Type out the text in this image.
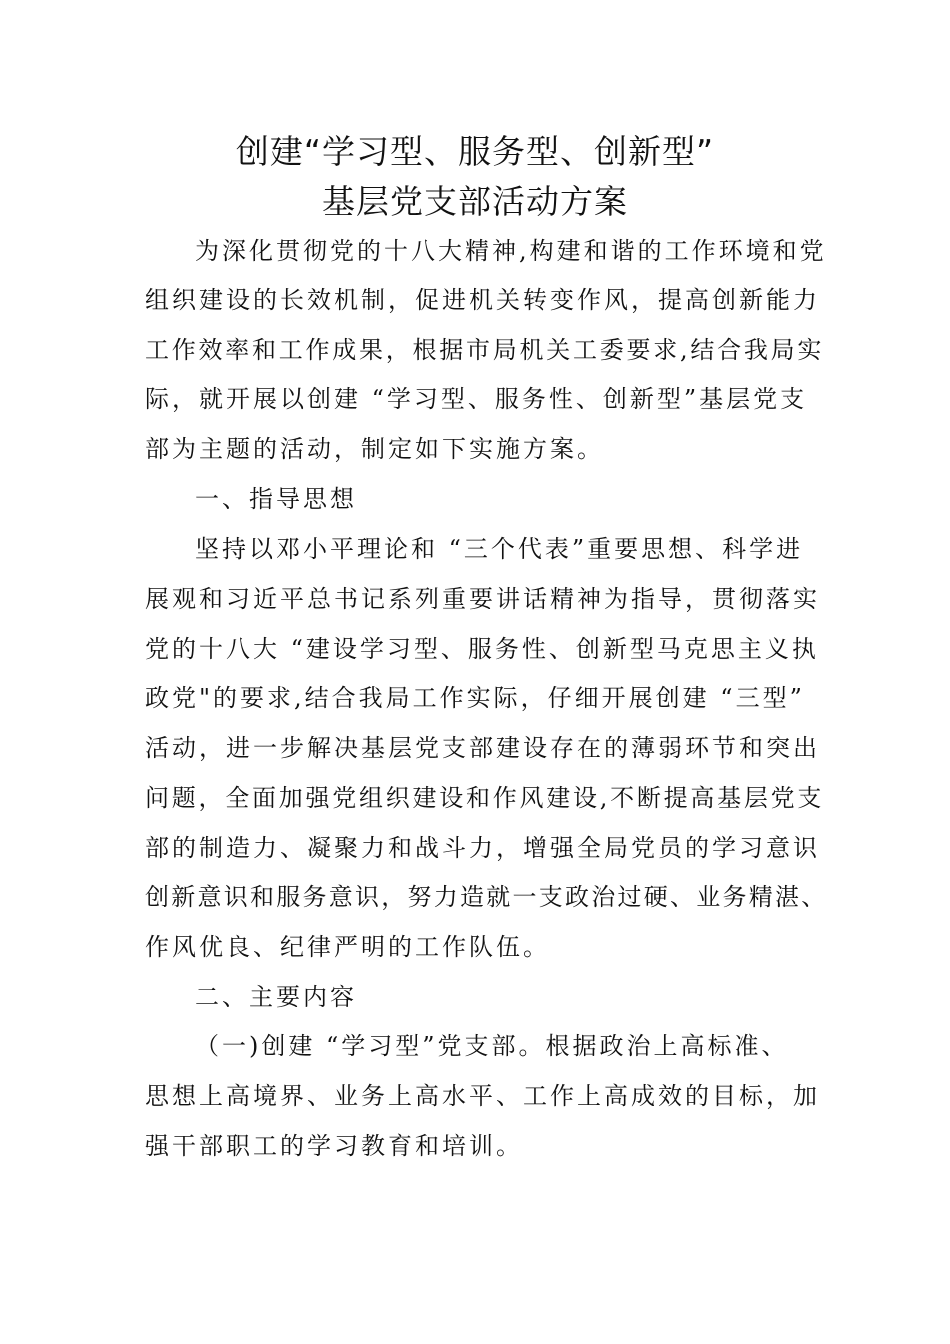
创建“学习型、服务型、创新型”
基层党支部活动方案
为深化贯彻党的十八大精神,构建和谐的工作环境和党
组织建设的长效机制，促进机关转变作风，提高创新能力
工作效率和工作成果，根据市局机关工委要求,结合我局实
际，就开展以创建 “学习型、服务性、创新型”基层党支
部为主题的活动，制定如下实施方案。
一、指导思想
坚持以邓小平理论和 “三个代表”重要思想、科学进
展观和习近平总书记系列重要讲话精神为指导，贯彻落实
党的十八大 “建设学习型、服务性、创新型马克思主义执
政党"的要求,结合我局工作实际，仔细开展创建 “三型”
活动，进一步解决基层党支部建设存在的薄弱环节和突出
问题，全面加强党组织建设和作风建设,不断提高基层党支
部的制造力、凝聚力和战斗力，增强全局党员的学习意识
创新意识和服务意识，努力造就一支政治过硬、业务精湛、
作风优良、纪律严明的工作队伍。
二、主要内容
（一)创建 “学习型”党支部。根据政治上高标准、
思想上高境界、业务上高水平、工作上高成效的目标，加
强干部职工的学习教育和培训。
